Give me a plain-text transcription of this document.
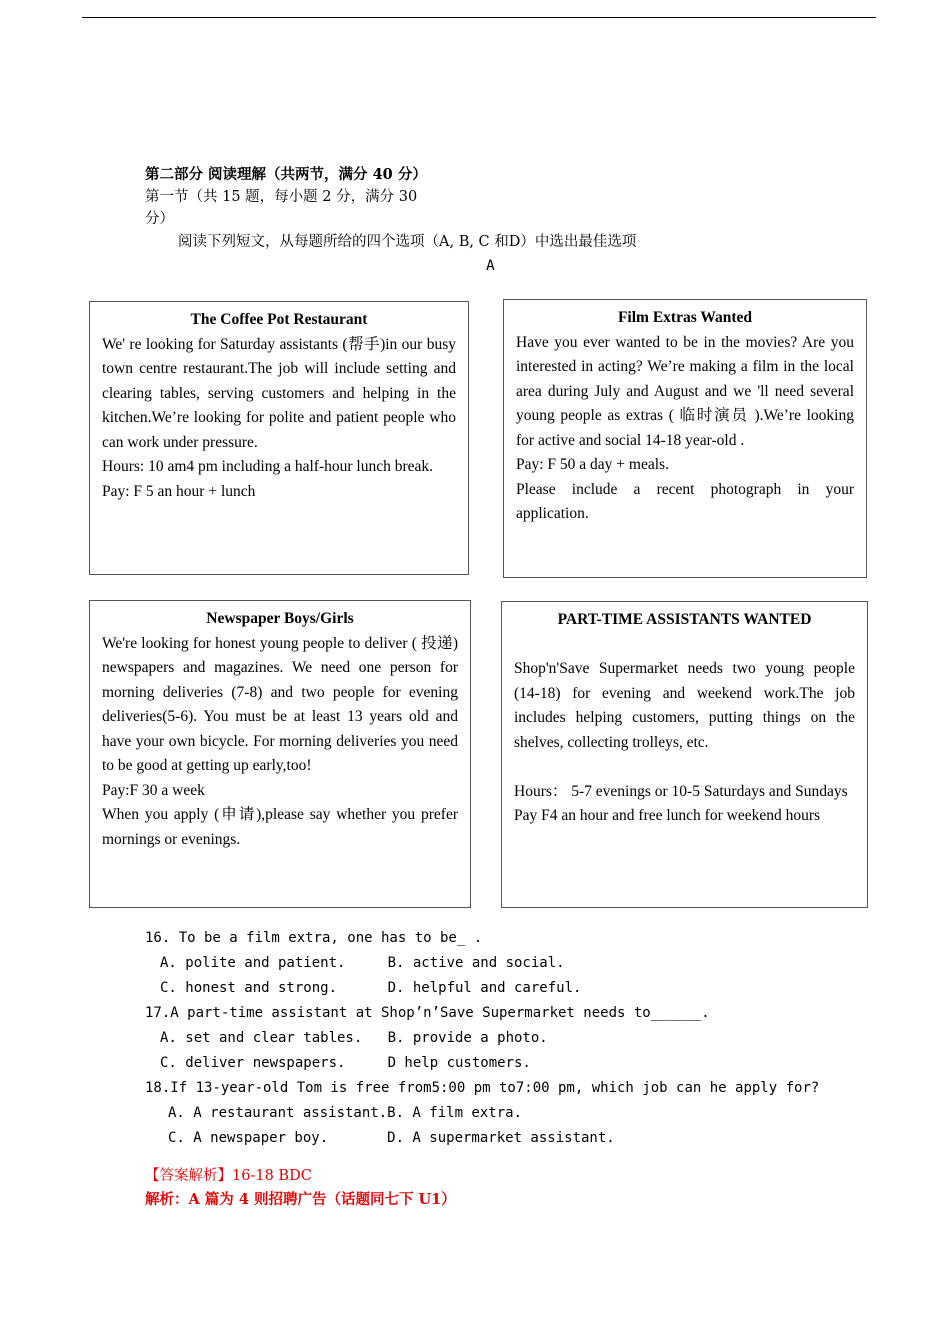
第二部分 阅读理解（共两节，满分 40 分）
第一节（共 15 题，每小题 2 分，满分 30
分）
阅读下列短文，从每题所给的四个选项（A, B, C 和D）中选出最佳选项
A
The Coffee Pot Restaurant

We' re looking for Saturday assistants (帮手)in our busy town centre restaurant.The job will include setting and clearing tables, serving customers and helping in the kitchen.We’re looking for polite and patient people who can work under pressure.

Hours: 10 am4 pm including a half-hour lunch break.

Pay: F 5 an hour + lunch

Film Extras Wanted

Have you ever wanted to be in the movies? Are you interested in acting? We’re making a film in the local area during July and August and we 'll need several young people as extras ( 临时演员 ).We’re looking for active and social 14-18 year-old .

Pay: F 50 a day + meals.

Please include a recent photograph in your application.

Newspaper Boys/Girls

We're looking for honest young people to deliver ( 投递) newspapers and magazines. We need one person for morning deliveries (7-8) and two people for evening deliveries(5-6). You must be at least 13 years old and have your own bicycle. For morning deliveries you need to be good at getting up early,too!

Pay:F 30 a week

When you apply (申请),please say whether you prefer mornings or evenings.

PART-TIME ASSISTANTS WANTED

Shop'n'Save Supermarket needs two young people (14-18) for evening and weekend work.The job includes helping customers, putting things on the shelves, collecting trolleys, etc.

Hours： 5-7 evenings or 10-5 Saturdays and Sundays

Pay F4 an hour and free lunch for weekend hours

16. To be a film extra, one has to be_ .
A. polite and patient.     B. active and social.
C. honest and strong.      D. helpful and careful.
17.A part-time assistant at Shop’n’Save Supermarket needs to______.
A. set and clear tables.   B. provide a photo.
C. deliver newspapers.     D help customers.
18.If 13-year-old Tom is free from5:00 pm to7:00 pm, which job can he apply for?
A. A restaurant assistant.B. A film extra.
C. A newspaper boy.       D. A supermarket assistant.
【答案解析】16-18 BDC
解析：A 篇为 4 则招聘广告（话题同七下 U1）
